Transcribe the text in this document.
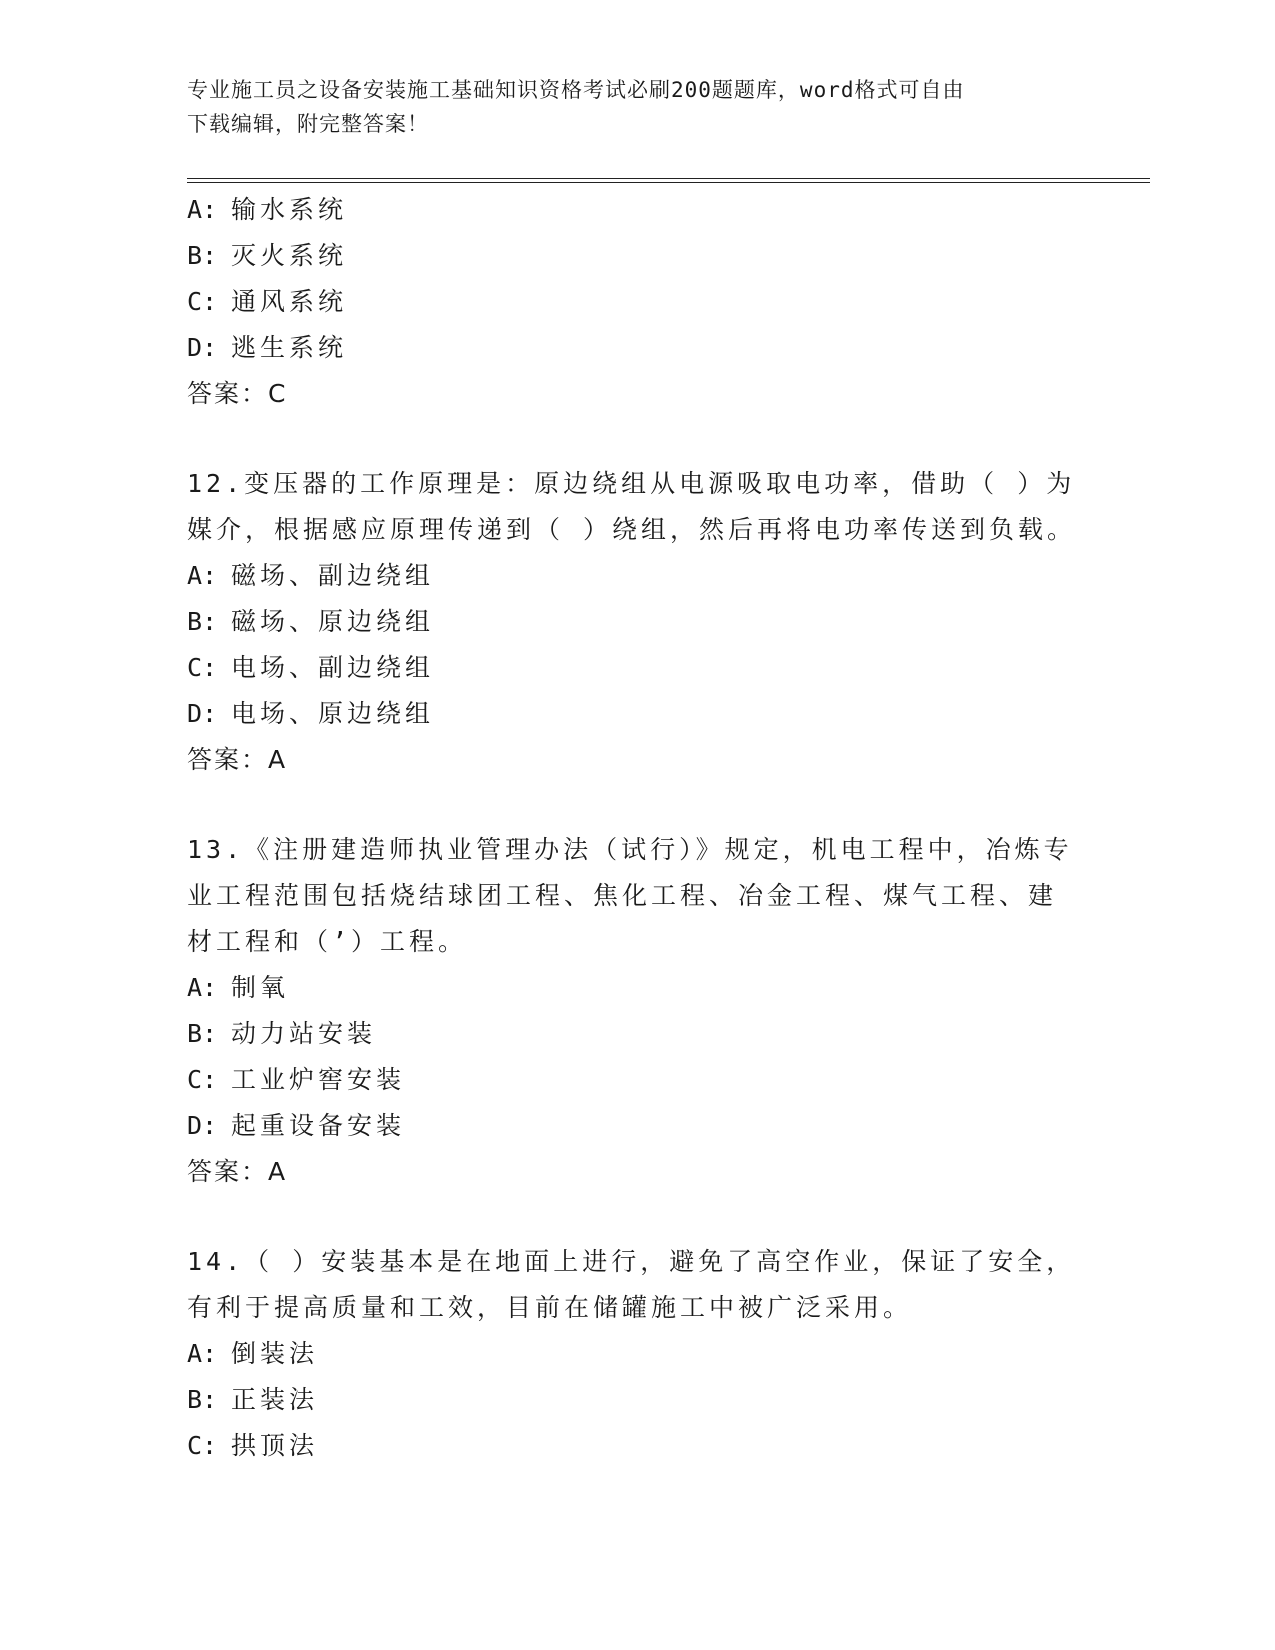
专业施工员之设备安装施工基础知识资格考试必刷200题题库，word格式可自由
下载编辑，附完整答案！
A: 输水系统
B: 灭火系统
C: 通风系统
D: 逃生系统
答案：C
12.变压器的工作原理是：原边绕组从电源吸取电功率，借助（ ）为
媒介，根据感应原理传递到（ ）绕组，然后再将电功率传送到负载。
A: 磁场、副边绕组
B: 磁场、原边绕组
C: 电场、副边绕组
D: 电场、原边绕组
答案：A
13.《注册建造师执业管理办法（试行）》规定，机电工程中，冶炼专
业工程范围包括烧结球团工程、焦化工程、冶金工程、煤气工程、建
材工程和（’）工程。
A: 制氧
B: 动力站安装
C: 工业炉窖安装
D: 起重设备安装
答案：A
14.（ ）安装基本是在地面上进行，避免了高空作业，保证了安全，
有利于提高质量和工效，目前在储罐施工中被广泛采用。
A: 倒装法
B: 正装法
C: 拱顶法
